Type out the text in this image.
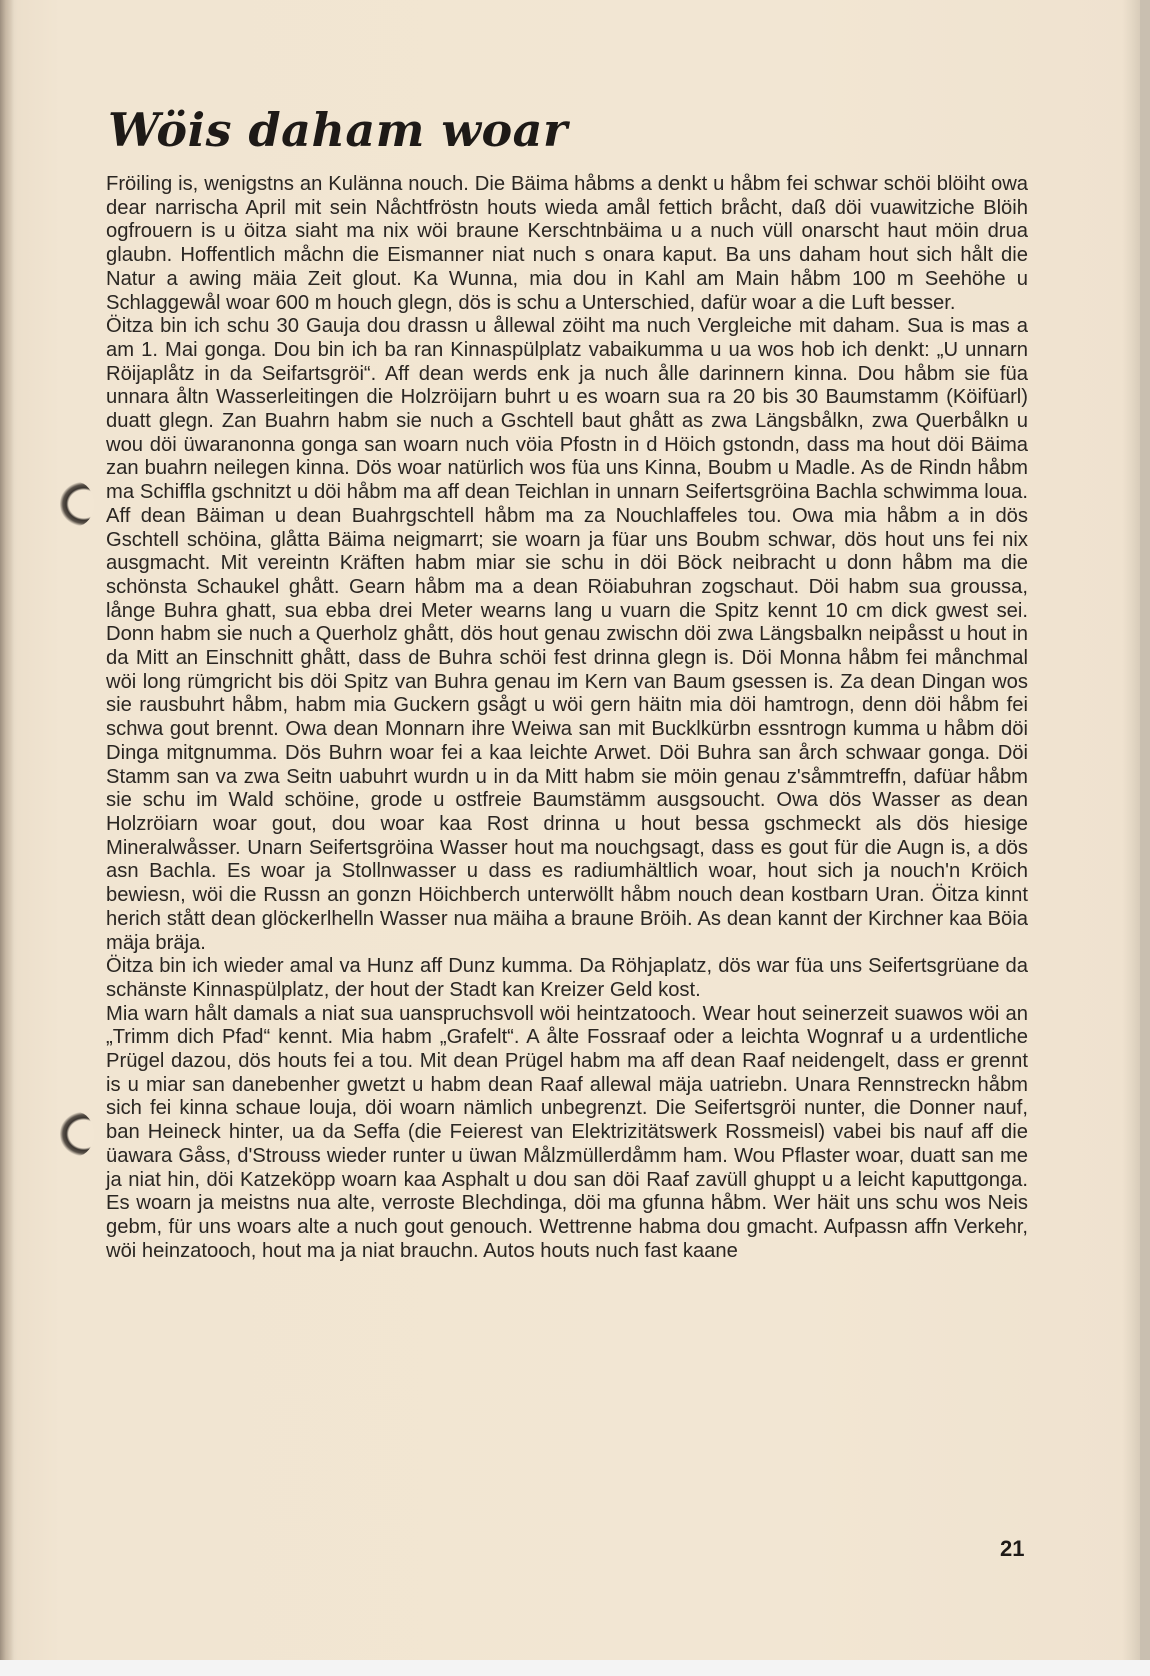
Wöis daham woar

Fröiling is, wenigstns an Kulänna nouch. Die Bäima håbms a denkt u håbm fei schwar schöi blöiht owa dear narrischa April mit sein Nåchtfröstn houts wieda amål fettich bråcht, daß döi vuawitziche Blöih ogfrouern is u öitza siaht ma nix wöi braune Kerschtnbäima u a nuch vüll onarscht haut möin drua glaubn. Hoffentlich måchn die Eismanner niat nuch s onara kaput. Ba uns daham hout sich hålt die Natur a awing mäia Zeit glout. Ka Wunna, mia dou in Kahl am Main håbm 100 m Seehöhe u Schlaggewål woar 600 m houch glegn, dös is schu a Unterschied, dafür woar a die Luft besser.

Öitza bin ich schu 30 Gauja dou drassn u ållewal zöiht ma nuch Vergleiche mit daham. Sua is mas a am 1. Mai gonga. Dou bin ich ba ran Kinnaspülplatz vabaikumma u ua wos hob ich denkt: „U unnarn Röijaplåtz in da Seifartsgröi“. Aff dean werds enk ja nuch ålle darinnern kinna. Dou håbm sie füa unnara åltn Wasserleitingen die Holzröijarn buhrt u es woarn sua ra 20 bis 30 Baumstamm (Köifüarl) duatt glegn. Zan Buahrn habm sie nuch a Gschtell baut ghått as zwa Längsbålkn, zwa Querbålkn u wou döi üwaranonna gonga san woarn nuch vöia Pfostn in d Höich gstondn, dass ma hout döi Bäima zan buahrn neilegen kinna. Dös woar natürlich wos füa uns Kinna, Boubm u Madle. As de Rindn håbm ma Schiffla gschnitzt u döi håbm ma aff dean Teichlan in unnarn Seifertsgröina Bachla schwimma loua. Aff dean Bäiman u dean Buahrgschtell håbm ma za Nouchlaffeles tou. Owa mia håbm a in dös Gschtell schöina, glåtta Bäima neigmarrt; sie woarn ja füar uns Boubm schwar, dös hout uns fei nix ausgmacht. Mit vereintn Kräften habm miar sie schu in döi Böck neibracht u donn håbm ma die schönsta Schaukel ghått. Gearn håbm ma a dean Röiabuhran zogschaut. Döi habm sua groussa, långe Buhra ghatt, sua ebba drei Meter wearns lang u vuarn die Spitz kennt 10 cm dick gwest sei. Donn habm sie nuch a Querholz ghått, dös hout genau zwischn döi zwa Längsbalkn neipåsst u hout in da Mitt an Einschnitt ghått, dass de Buhra schöi fest drinna glegn is. Döi Monna håbm fei månchmal wöi long rümgricht bis döi Spitz van Buhra genau im Kern van Baum gsessen is. Za dean Dingan wos sie rausbuhrt håbm, habm mia Guckern gsågt u wöi gern häitn mia döi hamtrogn, denn döi håbm fei schwa gout brennt. Owa dean Monnarn ihre Weiwa san mit Bucklkürbn essntrogn kumma u håbm döi Dinga mitgnumma. Dös Buhrn woar fei a kaa leichte Arwet. Döi Buhra san årch schwaar gonga. Döi Stamm san va zwa Seitn uabuhrt wurdn u in da Mitt habm sie möin genau z'såmmtreffn, dafüar håbm sie schu im Wald schöine, grode u ostfreie Baumstämm ausgsoucht. Owa dös Wasser as dean Holzröiarn woar gout, dou woar kaa Rost drinna u hout bessa gschmeckt als dös hiesige Mineralwåsser. Unarn Seifertsgröina Wasser hout ma nouchgsagt, dass es gout für die Augn is, a dös asn Bachla. Es woar ja Stollnwasser u dass es radiumhältlich woar, hout sich ja nouch'n Kröich bewiesn, wöi die Russn an gonzn Höichberch unterwöllt håbm nouch dean kostbarn Uran. Öitza kinnt herich stått dean glöckerlhelln Wasser nua mäiha a braune Bröih. As dean kannt der Kirchner kaa Böia mäja bräja.

Öitza bin ich wieder amal va Hunz aff Dunz kumma. Da Röhjaplatz, dös war füa uns Seifertsgrüane da schänste Kinnaspülplatz, der hout der Stadt kan Kreizer Geld kost.

Mia warn hålt damals a niat sua uanspruchsvoll wöi heintzatooch. Wear hout seinerzeit suawos wöi an „Trimm dich Pfad“ kennt. Mia habm „Grafelt“. A ålte Fossraaf oder a leichta Wognraf u a urdentliche Prügel dazou, dös houts fei a tou. Mit dean Prügel habm ma aff dean Raaf neidengelt, dass er grennt is u miar san danebenher gwetzt u habm dean Raaf allewal mäja uatriebn. Unara Rennstreckn håbm sich fei kinna schaue louja, döi woarn nämlich unbegrenzt. Die Seifertsgröi nunter, die Donner nauf, ban Heineck hinter, ua da Seffa (die Feierest van Elektrizitätswerk Rossmeisl) vabei bis nauf aff die üawara Gåss, d'Strouss wieder runter u üwan Målzmüllerdåmm ham. Wou Pflaster woar, duatt san me ja niat hin, döi Katzeköpp woarn kaa Asphalt u dou san döi Raaf zavüll ghuppt u a leicht kaputtgonga. Es woarn ja meistns nua alte, verroste Blechdinga, döi ma gfunna håbm. Wer häit uns schu wos Neis gebm, für uns woars alte a nuch gout genouch. Wettrenne habma dou gmacht. Aufpassn affn Verkehr, wöi heinzatooch, hout ma ja niat brauchn. Autos houts nuch fast kaane

21
